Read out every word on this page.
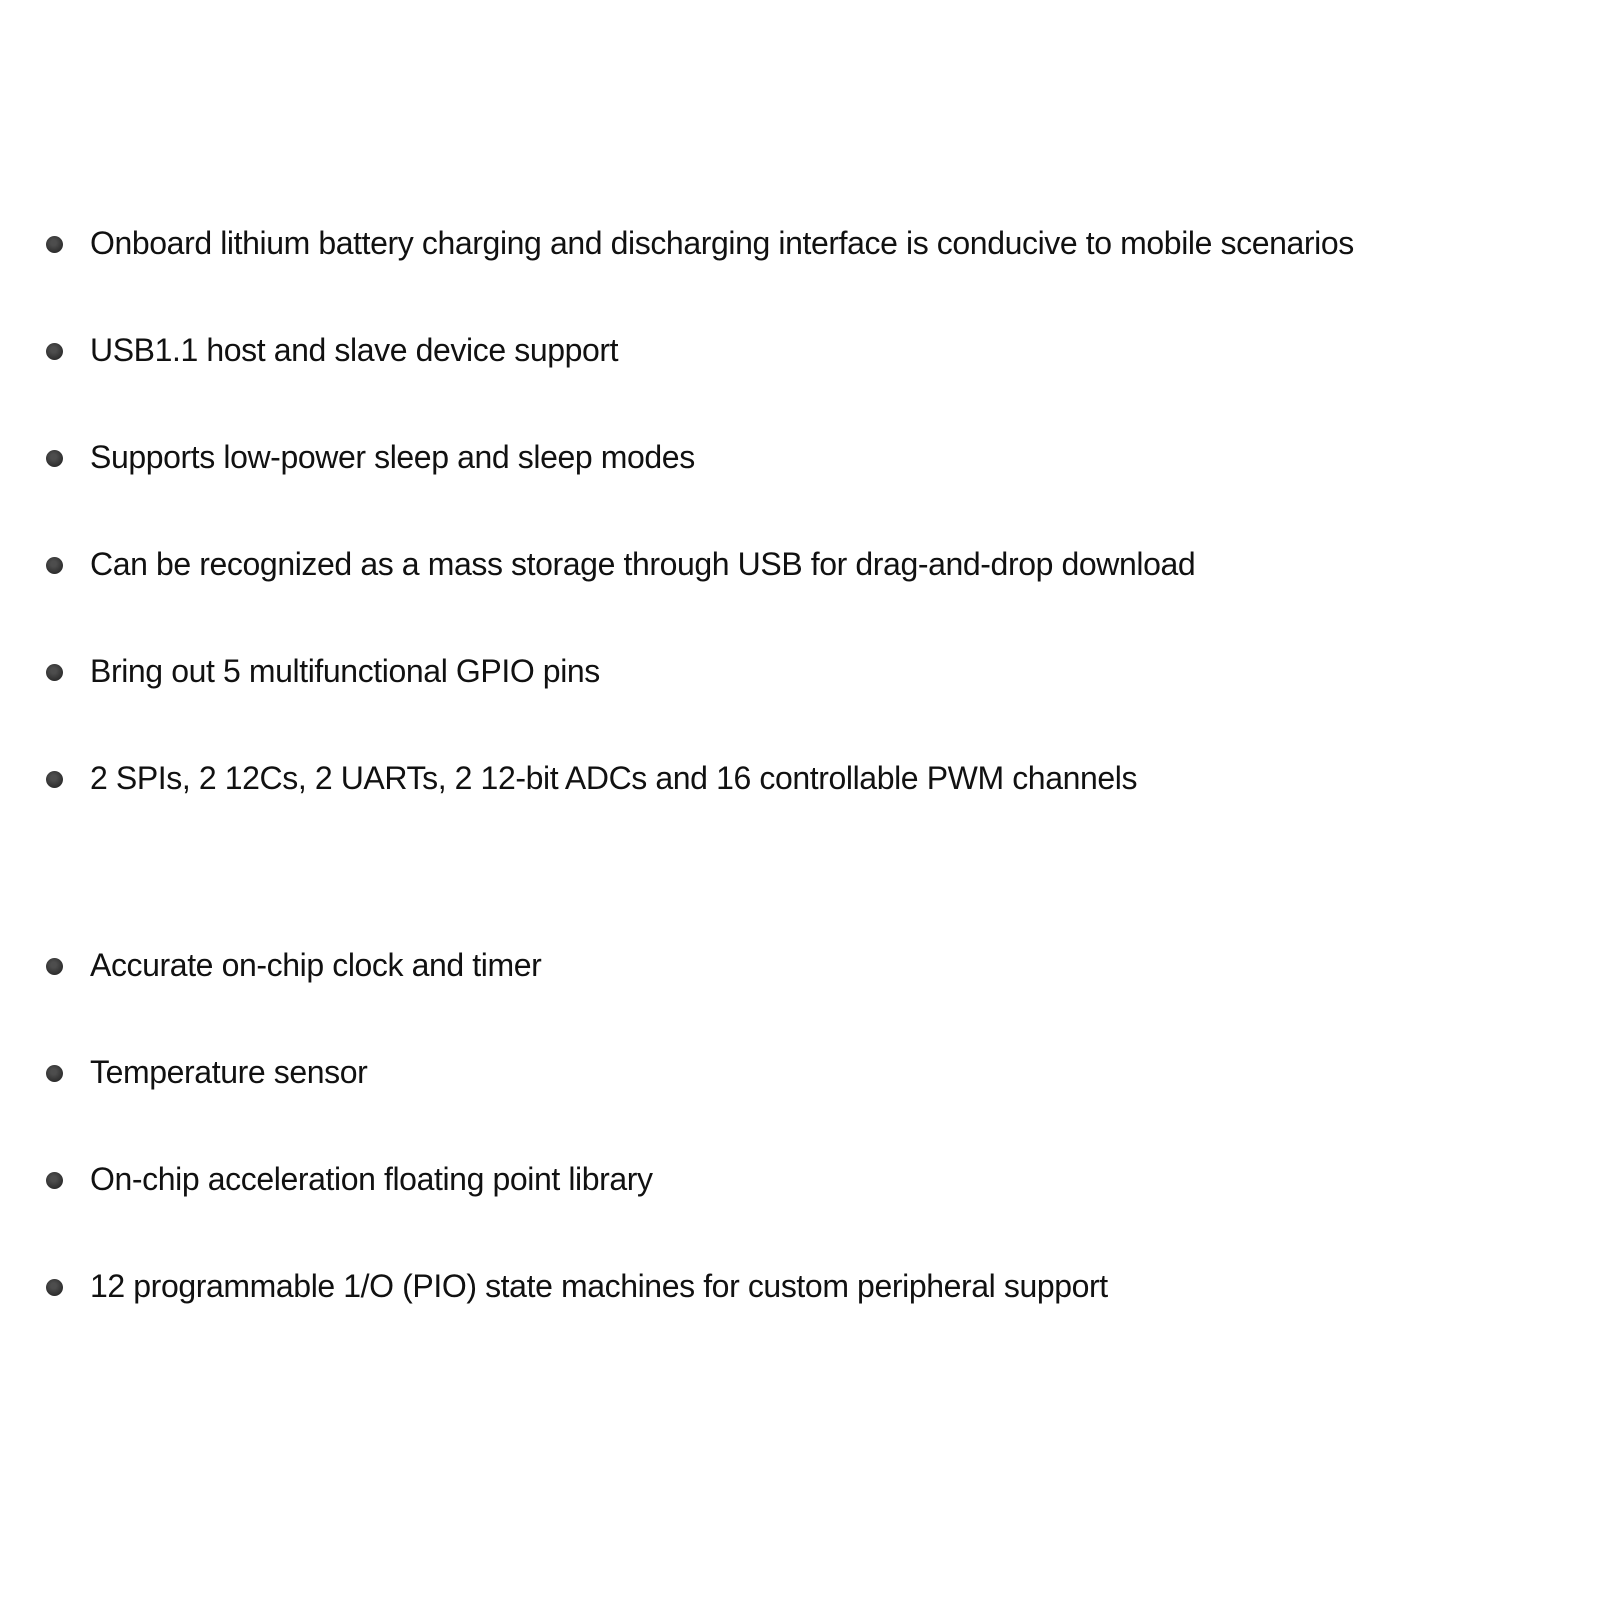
Onboard lithium battery charging and discharging interface is conducive to mobile scenarios
USB1.1 host and slave device support
Supports low-power sleep and sleep modes
Can be recognized as a mass storage through USB for drag-and-drop download
Bring out 5 multifunctional GPIO pins
2 SPIs, 2 12Cs, 2 UARTs, 2 12-bit ADCs and 16 controllable PWM channels
Accurate on-chip clock and timer
Temperature sensor
On-chip acceleration floating point library
12 programmable 1/O (PIO) state machines for custom peripheral support
